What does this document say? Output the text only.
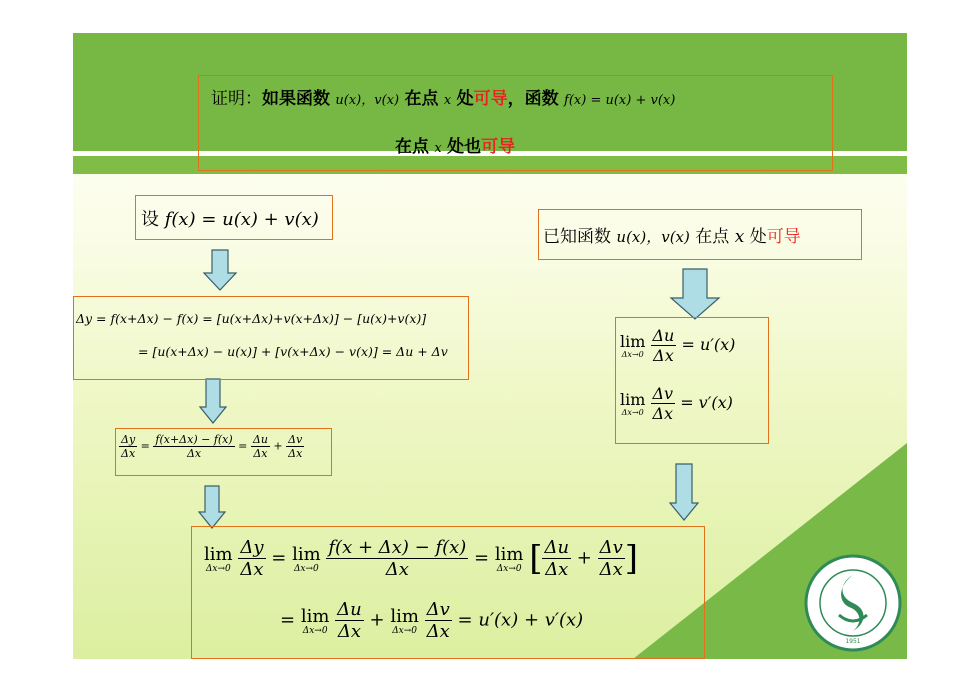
证明：如果函数 u(x)，v(x) 在点 x 处可导，函数 f(x) = u(x) + v(x)
在点 x 处也可导
设 f(x) = u(x) + v(x)
已知函数 u(x)，v(x) 在点 x 处可导
Δy = f(x+Δx) − f(x) = [u(x+Δx)+v(x+Δx)] − [u(x)+v(x)]
= [u(x+Δx) − u(x)] + [v(x+Δx) − v(x)] = Δu + Δv
$\frac{\Delta y}{\Delta x} = \frac{f(x+\Delta x) - f(x)}{\Delta x} = \frac{\Delta u}{\Delta x} + \frac{\Delta v}{\Delta x}$
lim
Δx→0
$\frac{\Delta u}{\Delta x} = u'(x)$
lim
Δx→0
$\frac{\Delta v}{\Delta x} = v'(x)$
lim
Δx→0
$\frac{\Delta y}{\Delta x} = \lim$
Δx→0
$\frac{f(x + \Delta x) - f(x)}{\Delta x} = \lim$
Δx→0 [ $\frac{\Delta u}{\Delta x} + \frac{\Delta v}{\Delta x}$ ]
= lim
Δx→0
$\frac{\Delta u}{\Delta x} + \lim$
Δx→0
$\frac{\Delta v}{\Delta x} = u'(x) + v'(x)$
1951
